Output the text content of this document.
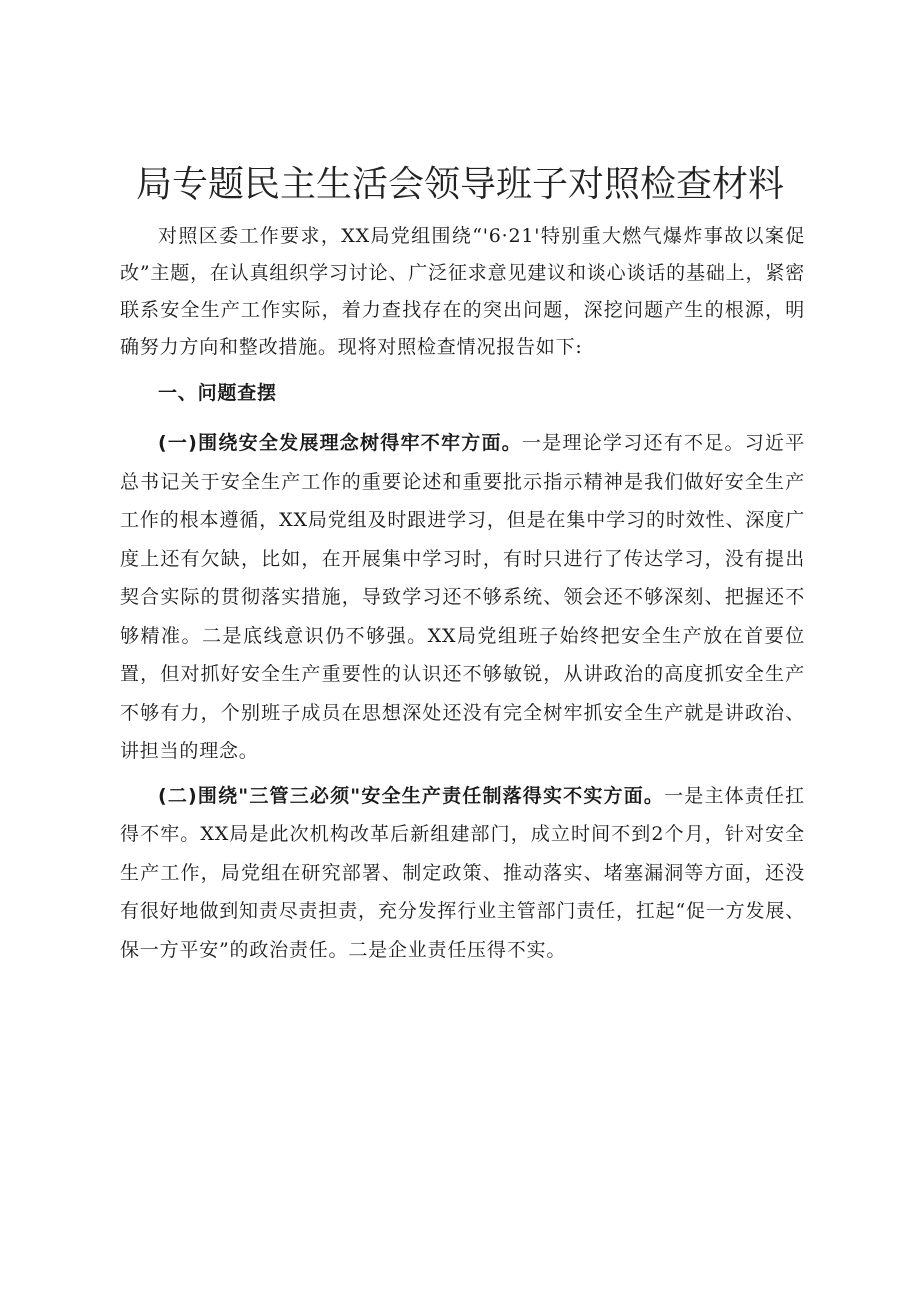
局专题民主生活会领导班子对照检查材料

对照区委工作要求，XX局党组围绕“'6·21'特别重大燃气爆炸事故以案促改”主题，在认真组织学习讨论、广泛征求意见建议和谈心谈话的基础上，紧密联系安全生产工作实际，着力查找存在的突出问题，深挖问题产生的根源，明确努力方向和整改措施。现将对照检查情况报告如下:

一、问题查摆

(一)围绕安全发展理念树得牢不牢方面。一是理论学习还有不足。习近平总书记关于安全生产工作的重要论述和重要批示指示精神是我们做好安全生产工作的根本遵循，XX局党组及时跟进学习，但是在集中学习的时效性、深度广度上还有欠缺，比如，在开展集中学习时，有时只进行了传达学习，没有提出契合实际的贯彻落实措施，导致学习还不够系统、领会还不够深刻、把握还不够精准。二是底线意识仍不够强。XX局党组班子始终把安全生产放在首要位置，但对抓好安全生产重要性的认识还不够敏锐，从讲政治的高度抓安全生产不够有力，个别班子成员在思想深处还没有完全树牢抓安全生产就是讲政治、讲担当的理念。

(二)围绕"三管三必须"安全生产责任制落得实不实方面。一是主体责任扛得不牢。XX局是此次机构改革后新组建部门，成立时间不到2个月，针对安全生产工作，局党组在研究部署、制定政策、推动落实、堵塞漏洞等方面，还没有很好地做到知责尽责担责，充分发挥行业主管部门责任，扛起“促一方发展、保一方平安”的政治责任。二是企业责任压得不实。
